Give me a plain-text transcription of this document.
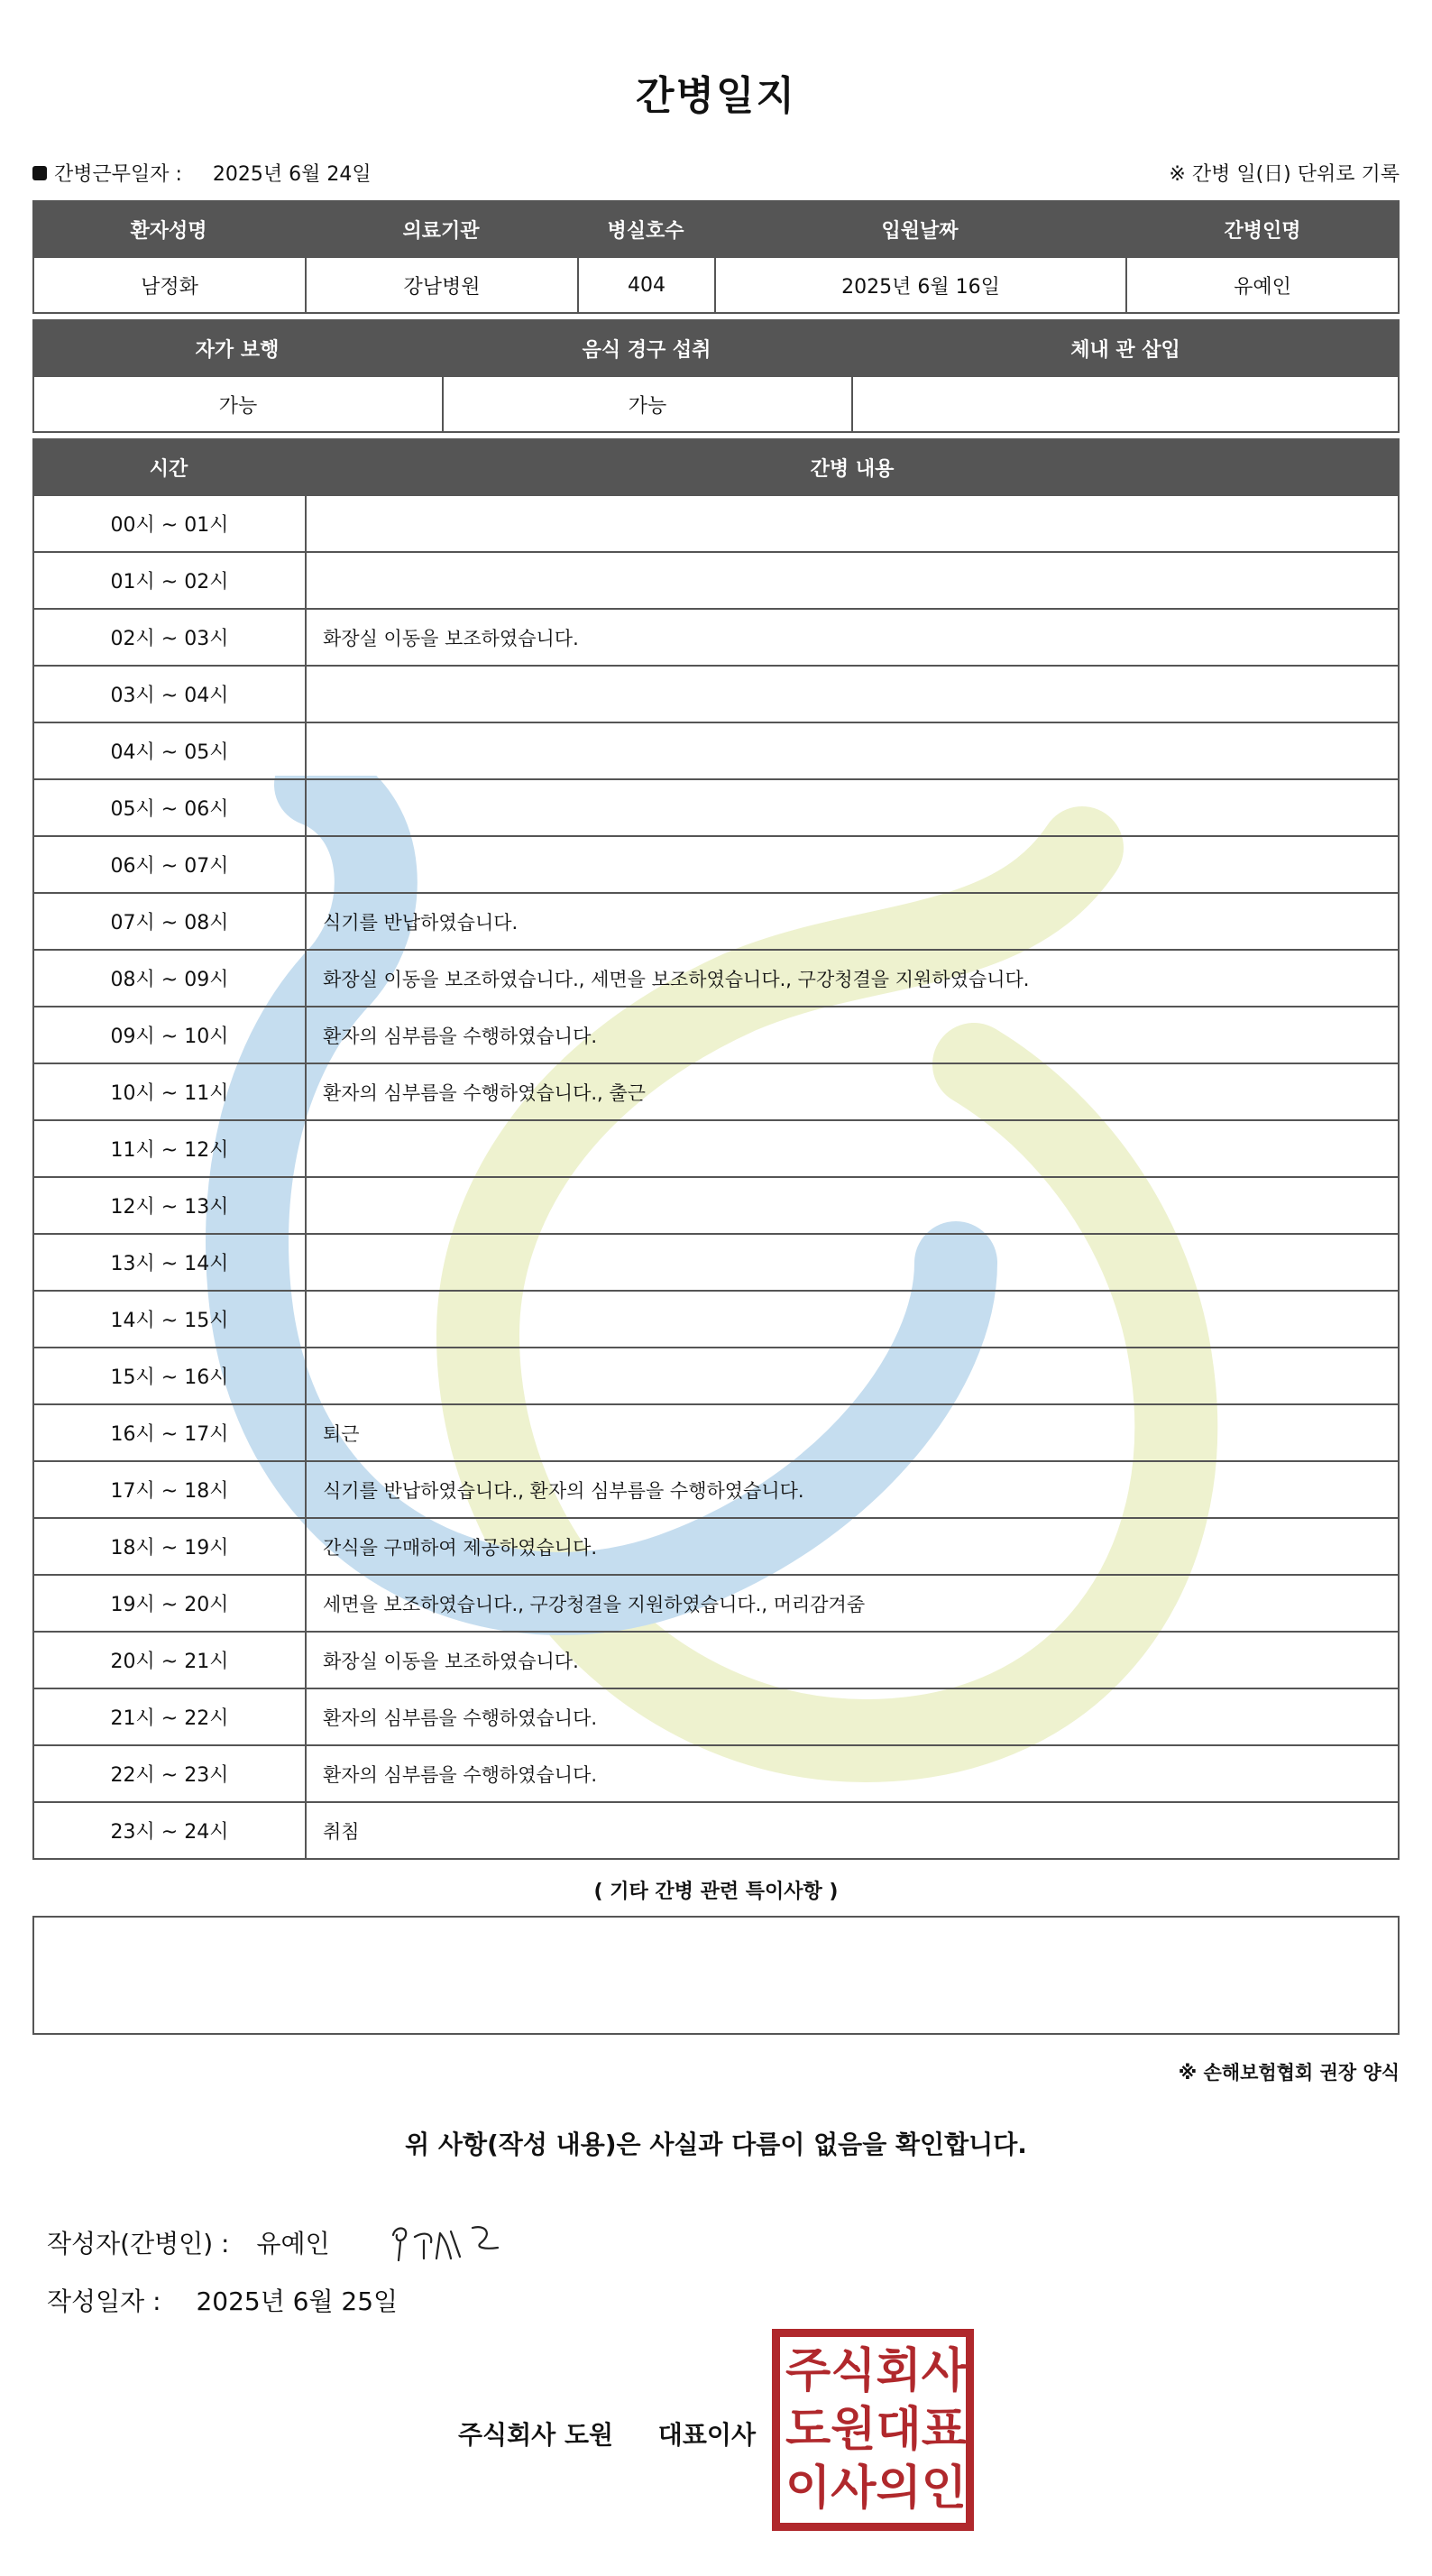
간병일지
간병근무일자 : 2025년 6월 24일	※ 간병 일(日) 단위로 기록
환자성명	의료기관	병실호수	입원날짜	간병인명
남정화	강남병원	404	2025년 6월 16일	유예인
자가 보행	음식 경구 섭취	체내 관 삽입
가능	가능
시간	간병 내용
00시 ~ 01시
01시 ~ 02시
02시 ~ 03시	화장실 이동을 보조하였습니다.
03시 ~ 04시
04시 ~ 05시
05시 ~ 06시
06시 ~ 07시
07시 ~ 08시	식기를 반납하였습니다.
08시 ~ 09시	화장실 이동을 보조하였습니다., 세면을 보조하였습니다., 구강청결을 지원하였습니다.
09시 ~ 10시	환자의 심부름을 수행하였습니다.
10시 ~ 11시	환자의 심부름을 수행하였습니다., 출근
11시 ~ 12시
12시 ~ 13시
13시 ~ 14시
14시 ~ 15시
15시 ~ 16시
16시 ~ 17시	퇴근
17시 ~ 18시	식기를 반납하였습니다., 환자의 심부름을 수행하였습니다.
18시 ~ 19시	간식을 구매하여 제공하였습니다.
19시 ~ 20시	세면을 보조하였습니다., 구강청결을 지원하였습니다., 머리감겨줌
20시 ~ 21시	화장실 이동을 보조하였습니다.
21시 ~ 22시	환자의 심부름을 수행하였습니다.
22시 ~ 23시	환자의 심부름을 수행하였습니다.
23시 ~ 24시	취침
( 기타 간병 관련 특이사항 )
※ 손해보험협회 권장 양식
위 사항(작성 내용)은 사실과 다름이 없음을 확인합니다.
작성자(간병인) : 유예인
작성일자 : 2025년 6월 25일
주식회사 도원 대표이사
주 식 회 사
도 원 대 표
이 사 의 인
